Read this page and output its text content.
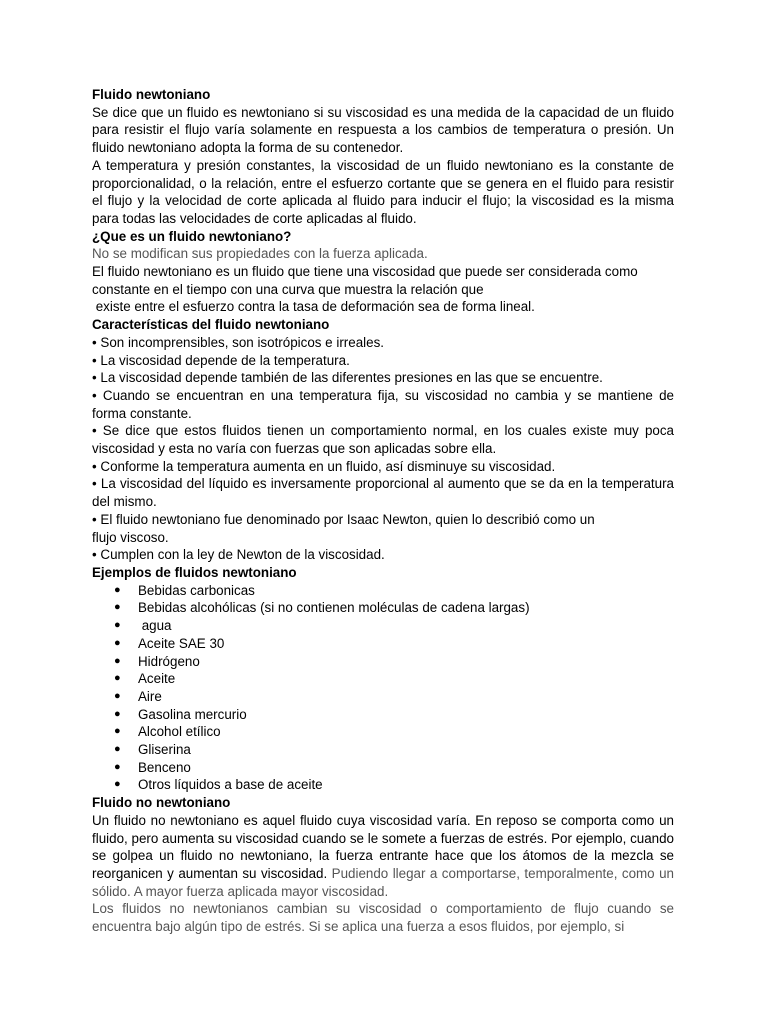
Fluido newtoniano

Se dice que un fluido es newtoniano si su viscosidad es una medida de la capacidad de un fluido para resistir el flujo varía solamente en respuesta a los cambios de temperatura o presión. Un fluido newtoniano adopta la forma de su contenedor.

A temperatura y presión constantes, la viscosidad de un fluido newtoniano es la constante de proporcionalidad, o la relación, entre el esfuerzo cortante que se genera en el fluido para resistir el flujo y la velocidad de corte aplicada al fluido para inducir el flujo; la viscosidad es la misma para todas las velocidades de corte aplicadas al fluido.

¿Que es un fluido newtoniano?

No se modifican sus propiedades con la fuerza aplicada.

El fluido newtoniano es un fluido que tiene una viscosidad que puede ser considerada como

constante en el tiempo con una curva que muestra la relación que

existe entre el esfuerzo contra la tasa de deformación sea de forma lineal.

Características del fluido newtoniano

• Son incomprensibles, son isotrópicos e irreales.

• La viscosidad depende de la temperatura.

• La viscosidad depende también de las diferentes presiones en las que se encuentre.

• Cuando se encuentran en una temperatura fija, su viscosidad no cambia y se mantiene de forma constante.

• Se dice que estos fluidos tienen un comportamiento normal, en los cuales existe muy poca viscosidad y esta no varía con fuerzas que son aplicadas sobre ella.

• Conforme la temperatura aumenta en un fluido, así disminuye su viscosidad.

• La viscosidad del líquido es inversamente proporcional al aumento que se da en la temperatura del mismo.

• El fluido newtoniano fue denominado por Isaac Newton, quien lo describió como un

flujo viscoso.

• Cumplen con la ley de Newton de la viscosidad.

Ejemplos de fluidos newtoniano

● Bebidas carbonicas
● Bebidas alcohólicas (si no contienen moléculas de cadena largas)
● agua
● Aceite SAE 30
● Hidrógeno
● Aceite
● Aire
● Gasolina mercurio
● Alcohol etílico
● Gliserina
● Benceno
● Otros líquidos a base de aceite

Fluido no newtoniano

Un fluido no newtoniano es aquel fluido cuya viscosidad varía. En reposo se comporta como un fluido, pero aumenta su viscosidad cuando se le somete a fuerzas de estrés. Por ejemplo, cuando se golpea un fluido no newtoniano, la fuerza entrante hace que los átomos de la mezcla se reorganicen y aumentan su viscosidad. Pudiendo llegar a comportarse, temporalmente, como un sólido. A mayor fuerza aplicada mayor viscosidad.

Los fluidos no newtonianos cambian su viscosidad o comportamiento de flujo cuando se encuentra bajo algún tipo de estrés. Si se aplica una fuerza a esos fluidos, por ejemplo, si
